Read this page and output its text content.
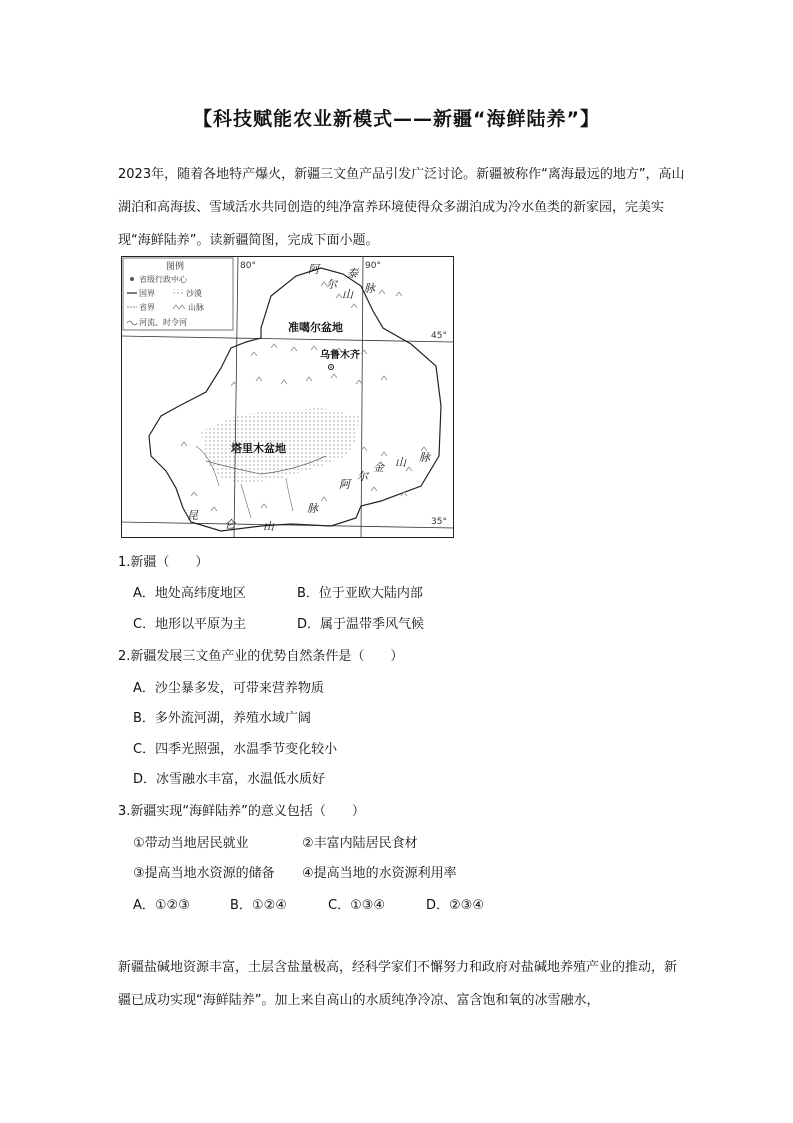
【科技赋能农业新模式——新疆“海鲜陆养”】
2023年，随着各地特产爆火，新疆三文鱼产品引发广泛讨论。新疆被称作“离海最远的地方”，高山湖泊和高海拔、雪域活水共同创造的纯净富养环境使得众多湖泊成为冷水鱼类的新家园，完美实现“海鲜陆养”。读新疆简图，完成下面小题。
图例
省级行政中心
国界	沙漠
省界	山脉
河流、时令河
80°	90°
45°
35°
阿
尔
泰
山 脉
准噶尔盆地
乌鲁木齐
塔里木盆地
金 山 脉
阿
尔
昆
仑	山
脉
1.新疆（　　）
A．地处高纬度地区	B．位于亚欧大陆内部
C．地形以平原为主	D．属于温带季风气候
2.新疆发展三文鱼产业的优势自然条件是（　　）
A．沙尘暴多发，可带来营养物质
B．多外流河湖，养殖水域广阔
C．四季光照强，水温季节变化较小
D．冰雪融水丰富，水温低水质好
3.新疆实现“海鲜陆养”的意义包括（　　）
①带动当地居民就业	②丰富内陆居民食材
③提高当地水资源的储备 ④提高当地的水资源利用率
A．①②③	B．①②④	C．①③④	D．②③④
新疆盐碱地资源丰富，土层含盐量极高，经科学家们不懈努力和政府对盐碱地养殖产业的推动，新疆已成功实现“海鲜陆养”。加上来自高山的水质纯净冷凉、富含饱和氧的冰雪融水，
